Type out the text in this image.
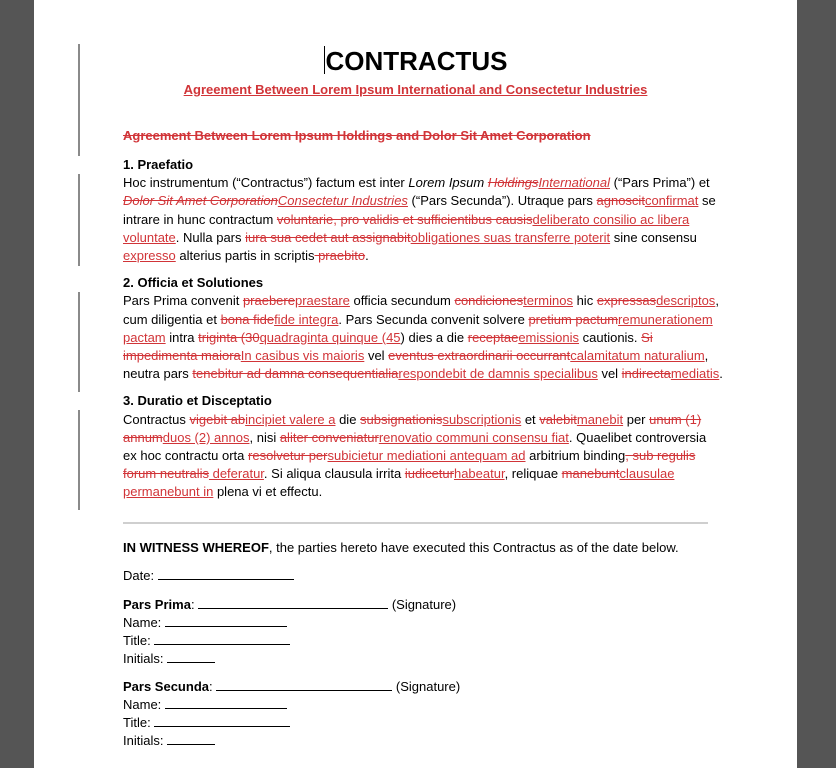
CONTRACTUS
Agreement Between Lorem Ipsum International and Consectetur Industries
Agreement Between Lorem Ipsum Holdings and Dolor Sit Amet Corporation
1. Praefatio

Hoc instrumentum (“Contractus”) factum est inter Lorem Ipsum HoldingsInternational (“Pars Prima”) et Dolor Sit Amet CorporationConsectetur Industries (“Pars Secunda”). Utraque pars agnoscitconfirmat se intrare in hunc contractum voluntarie, pro validis et sufficientibus causisdeliberato consilio ac libera voluntate. Nulla pars iura sua cedet aut assignabitobligationes suas transferre poterit sine consensu expresso alterius partis in scriptis praebito.

2. Officia et Solutiones

Pars Prima convenit praeberepraestare officia secundum condicionesterminos hic expressasdescriptos, cum diligentia et bona fidefide integra. Pars Secunda convenit solvere pretium pactumremunerationem pactam intra triginta (30quadraginta quinque (45) dies a die receptaeemissionis cautionis. Si impedimenta maioraIn casibus vis maioris vel eventus extraordinarii occurrantcalamitatum naturalium, neutra pars tenebitur ad damna consequentialiarespondebit de damnis specialibus vel indirectamediatis.

3. Duratio et Disceptatio

Contractus vigebit abincipiet valere a die subsignationissubscriptionis et valebitmanebit per unum (1) annumduos (2) annos, nisi aliter conveniaturrenovatio communi consensu fiat. Quaelibet controversia ex hoc contractu orta resolvetur persubicietur mediationi antequam ad arbitrium binding, sub regulis forum neutralis deferatur. Si aliqua clausula irrita iudiceturhabeatur, reliquae manebuntclausulae permanebunt in plena vi et effectu.

IN WITNESS WHEREOF, the parties hereto have executed this Contractus as of the date below.
Date:
Pars Prima:	(Signature)
Name:
Title:
Initials:
Pars Secunda:	(Signature)
Name:
Title:
Initials:
